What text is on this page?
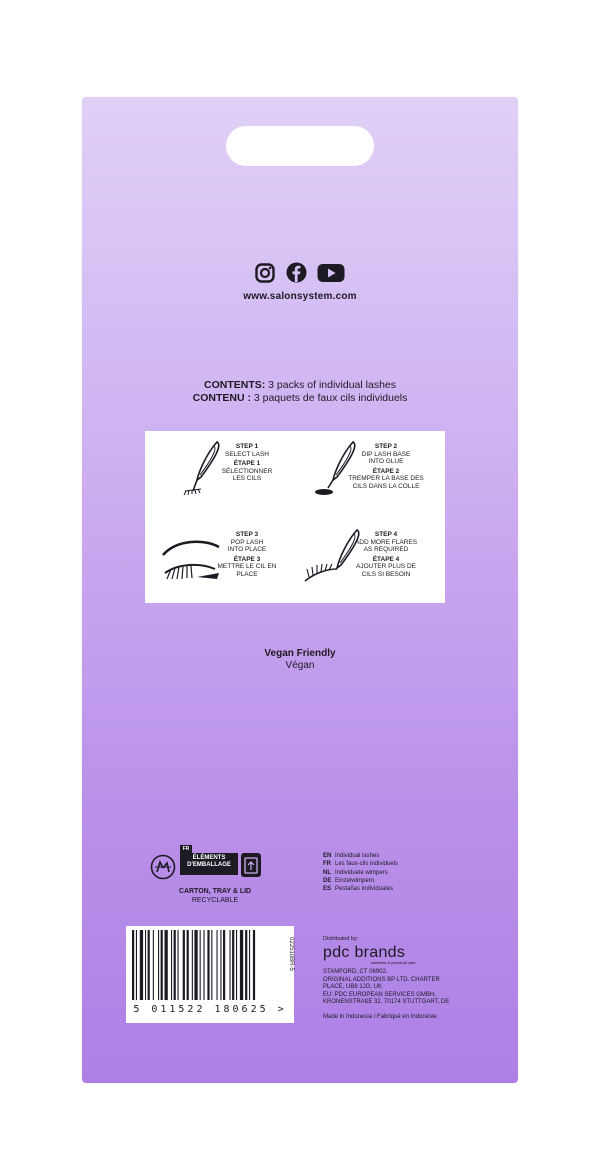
www.salonsystem.com
CONTENTS: 3 packs of individual lashes
CONTENU : 3 paquets de faux cils individuels
STEP 1
SELECT LASH
ÉTAPE 1
SÉLECTIONNER
LES CILS
STEP 2
DIP LASH BASE
INTO GLUE
ÉTAPE 2
TREMPER LA BASE DES
CILS DANS LA COLLE
STEP 3
POP LASH
INTO PLACE
ÉTAPE 3
METTRE LE CIL EN
PLACE
STEP 4
ADD MORE FLARES
AS REQUIRED
ÉTAPE 4
AJOUTER PLUS DE
CILS SI BESOIN
Vegan Friendly
Végan
FR
ÉLÉMENTS
D'EMBALLAGE
CARTON, TRAY & LID
RECYCLABLE
EN Individual lashes
FR Les faux-cils individuels
NL Individuele wimpers
DE Einzelwimpern
ES Pestañas individuales
5 011522 180625 >
022510BR-5	Distributed by:
pdc brands
wellness & personal care
STAMFORD, CT 06902.
ORIGINAL ADDITIONS BP LTD. CHARTER
PLACE, UB8 1JG, UK
EU: PDC EUROPEAN SERVICES GMBH,
KRONENSTRAßE 32, 70174 STUTTGART, DE
Made in Indonesia / Fabriqué en Indonésie
